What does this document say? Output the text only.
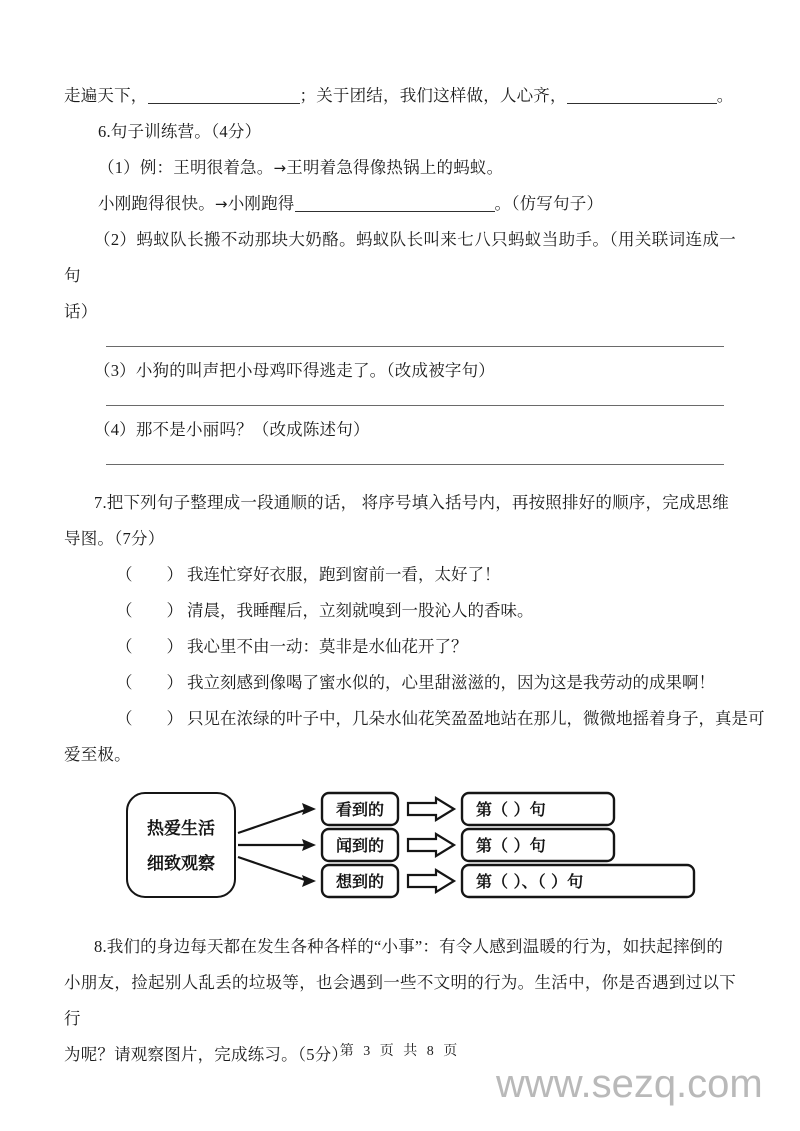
走遍天下，	；关于团结，我们这样做，人心齐，	。
6.句子训练营。（4分）
（1）例：王明很着急。→王明着急得像热锅上的蚂蚁。
小刚跑得很快。→小刚跑得	。（仿写句子）
（2）蚂蚁队长搬不动那块大奶酪。蚂蚁队长叫来七八只蚂蚁当助手。（用关联词连成一句
话）
（3）小狗的叫声把小母鸡吓得逃走了。（改成被字句）
（4）那不是小丽吗？（改成陈述句）
7.把下列句子整理成一段通顺的话， 将序号填入括号内，再按照排好的顺序，完成思维
导图。（7分）
（ ） 我连忙穿好衣服，跑到窗前一看，太好了！
（ ） 清晨，我睡醒后，立刻就嗅到一股沁人的香味。
（ ） 我心里不由一动：莫非是水仙花开了？
（ ） 我立刻感到像喝了蜜水似的，心里甜滋滋的，因为这是我劳动的成果啊！
（ ） 只见在浓绿的叶子中，几朵水仙花笑盈盈地站在那儿，微微地摇着身子，真是可
爱至极。
热爱生活
细致观察
看到的
闻到的
想到的
第（ ）句
第（ ）句
第（ ）、（ ）句
8.我们的身边每天都在发生各种各样的“小事”：有令人感到温暖的行为，如扶起摔倒的
小朋友，捡起别人乱丢的垃圾等，也会遇到一些不文明的行为。生活中，你是否遇到过以下行
为呢？请观察图片，完成练习。（5分）
第 3 页 共 8 页
www.sezq.com
